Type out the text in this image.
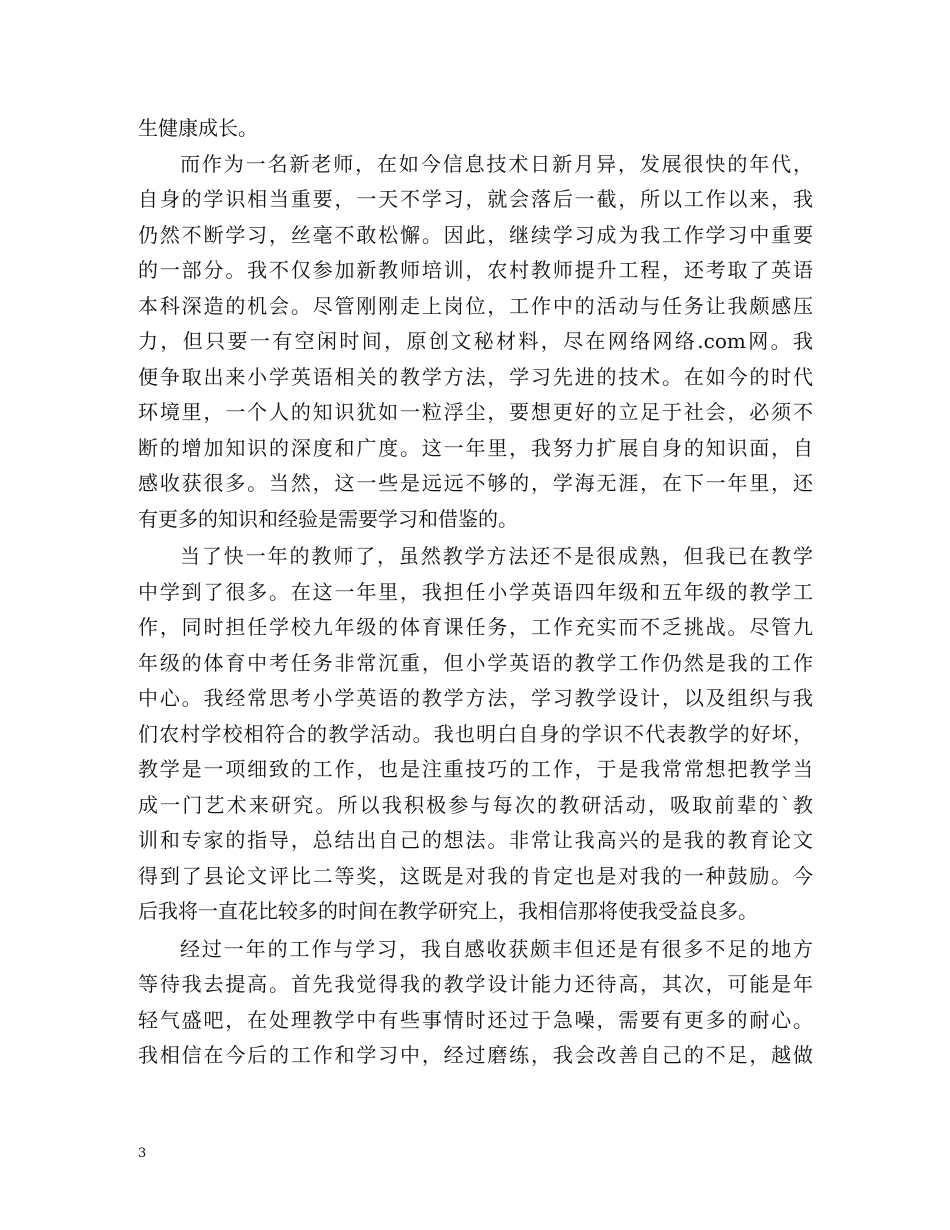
生健康成长。
而作为一名新老师，在如今信息技术日新月异，发展很快的年代，
自身的学识相当重要，一天不学习，就会落后一截，所以工作以来，我
仍然不断学习，丝毫不敢松懈。因此，继续学习成为我工作学习中重要
的一部分。我不仅参加新教师培训，农村教师提升工程，还考取了英语
本科深造的机会。尽管刚刚走上岗位，工作中的活动与任务让我颇感压
力，但只要一有空闲时间，原创文秘材料，尽在网络网络.com网。我
便争取出来小学英语相关的教学方法，学习先进的技术。在如今的时代
环境里，一个人的知识犹如一粒浮尘，要想更好的立足于社会，必须不
断的增加知识的深度和广度。这一年里，我努力扩展自身的知识面，自
感收获很多。当然，这一些是远远不够的，学海无涯，在下一年里，还
有更多的知识和经验是需要学习和借鉴的。
当了快一年的教师了，虽然教学方法还不是很成熟，但我已在教学
中学到了很多。在这一年里，我担任小学英语四年级和五年级的教学工
作，同时担任学校九年级的体育课任务，工作充实而不乏挑战。尽管九
年级的体育中考任务非常沉重，但小学英语的教学工作仍然是我的工作
中心。我经常思考小学英语的教学方法，学习教学设计，以及组织与我
们农村学校相符合的教学活动。我也明白自身的学识不代表教学的好坏，
教学是一项细致的工作，也是注重技巧的工作，于是我常常想把教学当
成一门艺术来研究。所以我积极参与每次的教研活动，吸取前辈的`教
训和专家的指导，总结出自己的想法。非常让我高兴的是我的教育论文
得到了县论文评比二等奖，这既是对我的肯定也是对我的一种鼓励。今
后我将一直花比较多的时间在教学研究上，我相信那将使我受益良多。
经过一年的工作与学习，我自感收获颇丰但还是有很多不足的地方
等待我去提高。首先我觉得我的教学设计能力还待高，其次，可能是年
轻气盛吧，在处理教学中有些事情时还过于急噪，需要有更多的耐心。
我相信在今后的工作和学习中，经过磨练，我会改善自己的不足，越做
3
